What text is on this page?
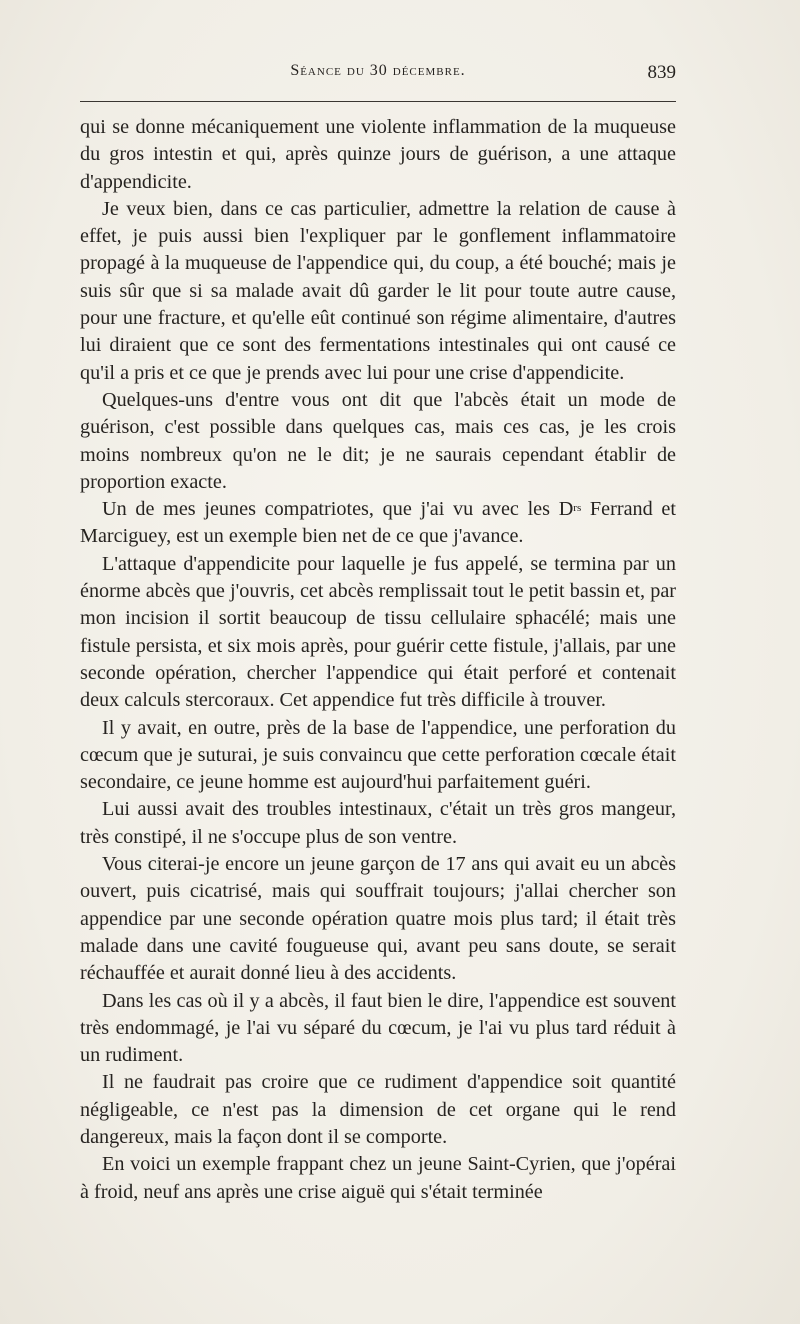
Séance du 30 décembre.	839

qui se donne mécaniquement une violente inflammation de la muqueuse du gros intestin et qui, après quinze jours de guérison, a une attaque d'appendicite.

Je veux bien, dans ce cas particulier, admettre la relation de cause à effet, je puis aussi bien l'expliquer par le gonflement inflammatoire propagé à la muqueuse de l'appendice qui, du coup, a été bouché; mais je suis sûr que si sa malade avait dû garder le lit pour toute autre cause, pour une fracture, et qu'elle eût continué son régime alimentaire, d'autres lui diraient que ce sont des fermentations intestinales qui ont causé ce qu'il a pris et ce que je prends avec lui pour une crise d'appendicite.

Quelques-uns d'entre vous ont dit que l'abcès était un mode de guérison, c'est possible dans quelques cas, mais ces cas, je les crois moins nombreux qu'on ne le dit; je ne saurais cependant établir de proportion exacte.

Un de mes jeunes compatriotes, que j'ai vu avec les $D^{rs}$ Ferrand et Marciguey, est un exemple bien net de ce que j'avance.

L'attaque d'appendicite pour laquelle je fus appelé, se termina par un énorme abcès que j'ouvris, cet abcès remplissait tout le petit bassin et, par mon incision il sortit beaucoup de tissu cellulaire sphacélé; mais une fistule persista, et six mois après, pour guérir cette fistule, j'allais, par une seconde opération, chercher l'appendice qui était perforé et contenait deux calculs stercoraux. Cet appendice fut très difficile à trouver.

Il y avait, en outre, près de la base de l'appendice, une perforation du cœcum que je suturai, je suis convaincu que cette perforation cœcale était secondaire, ce jeune homme est aujourd'hui parfaitement guéri.

Lui aussi avait des troubles intestinaux, c'était un très gros mangeur, très constipé, il ne s'occupe plus de son ventre.

Vous citerai-je encore un jeune garçon de 17 ans qui avait eu un abcès ouvert, puis cicatrisé, mais qui souffrait toujours; j'allai chercher son appendice par une seconde opération quatre mois plus tard; il était très malade dans une cavité fougueuse qui, avant peu sans doute, se serait réchauffée et aurait donné lieu à des accidents.

Dans les cas où il y a abcès, il faut bien le dire, l'appendice est souvent très endommagé, je l'ai vu séparé du cœcum, je l'ai vu plus tard réduit à un rudiment.

Il ne faudrait pas croire que ce rudiment d'appendice soit quantité négligeable, ce n'est pas la dimension de cet organe qui le rend dangereux, mais la façon dont il se comporte.

En voici un exemple frappant chez un jeune Saint-Cyrien, que j'opérai à froid, neuf ans après une crise aiguë qui s'était terminée
